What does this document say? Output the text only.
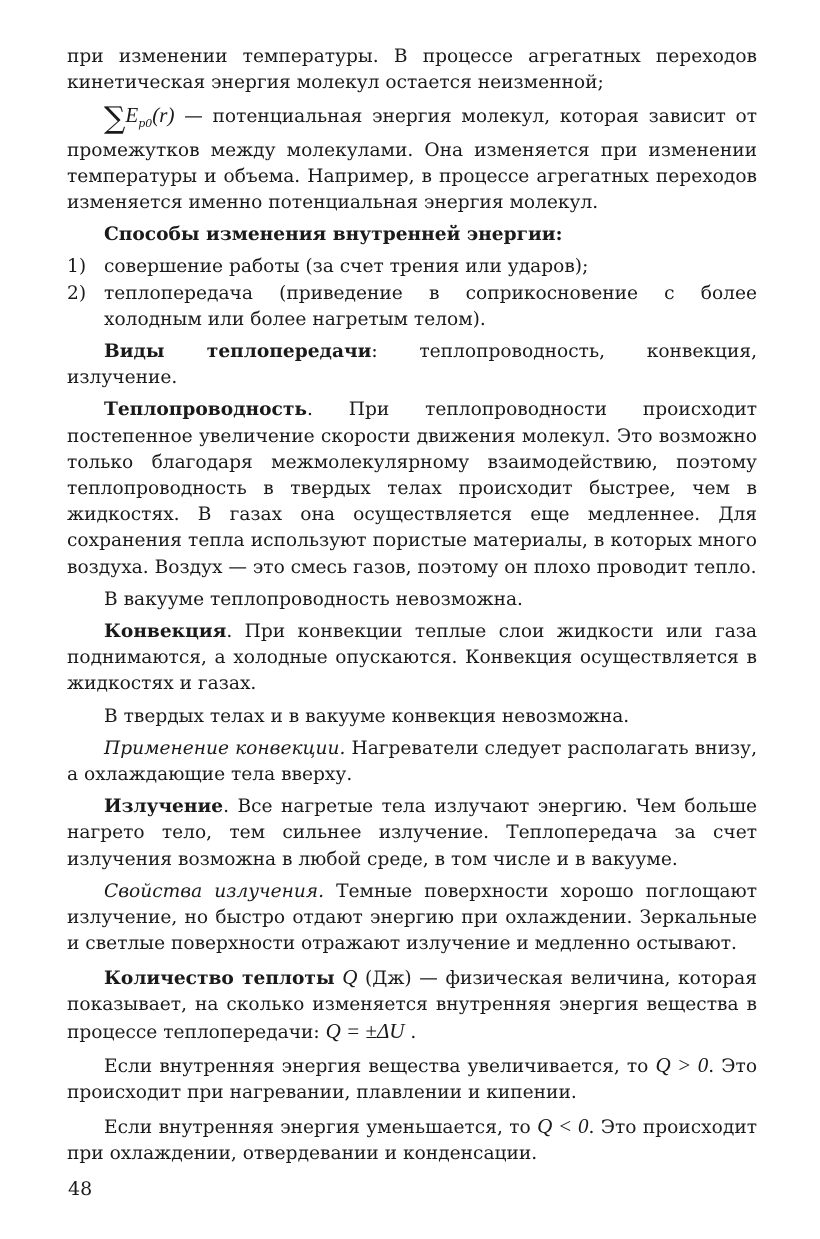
при изменении температуры. В процессе агрегатных переходов кинетическая энергия молекул остается неизменной;

$\sum E_{p0}(r)$ — потенциальная энергия молекул, которая зависит от промежутков между молекулами. Она изменяется при изменении температуры и объема. Например, в процессе агрегатных переходов изменяется именно потенциальная энергия молекул.

Способы изменения внутренней энергии:

1) совершение работы (за счет трения или ударов);
2) теплопередача (приведение в соприкосновение с более холодным или более нагретым телом).

Виды теплопередачи: теплопроводность, конвекция, излучение.

Теплопроводность. При теплопроводности происходит постепенное увеличение скорости движения молекул. Это возможно только благодаря межмолекулярному взаимодействию, поэтому теплопроводность в твердых телах происходит быстрее, чем в жидкостях. В газах она осуществляется еще медленнее. Для сохранения тепла используют пористые материалы, в которых много воздуха. Воздух — это смесь газов, поэтому он плохо проводит тепло.

В вакууме теплопроводность невозможна.

Конвекция. При конвекции теплые слои жидкости или газа поднимаются, а холодные опускаются. Конвекция осуществляется в жидкостях и газах.

В твердых телах и в вакууме конвекция невозможна.

Применение конвекции. Нагреватели следует располагать внизу, а охлаждающие тела вверху.

Излучение. Все нагретые тела излучают энергию. Чем больше нагрето тело, тем сильнее излучение. Теплопередача за счет излучения возможна в любой среде, в том числе и в вакууме.

Свойства излучения. Темные поверхности хорошо поглощают излучение, но быстро отдают энергию при охлаждении. Зеркальные и светлые поверхности отражают излучение и медленно остывают.

Количество теплоты Q (Дж) — физическая величина, которая показывает, на сколько изменяется внутренняя энергия вещества в процессе теплопередачи: Q = ±ΔU .

Если внутренняя энергия вещества увеличивается, то Q > 0. Это происходит при нагревании, плавлении и кипении.

Если внутренняя энергия уменьшается, то Q < 0. Это происходит при охлаждении, отвердевании и конденсации.

48
